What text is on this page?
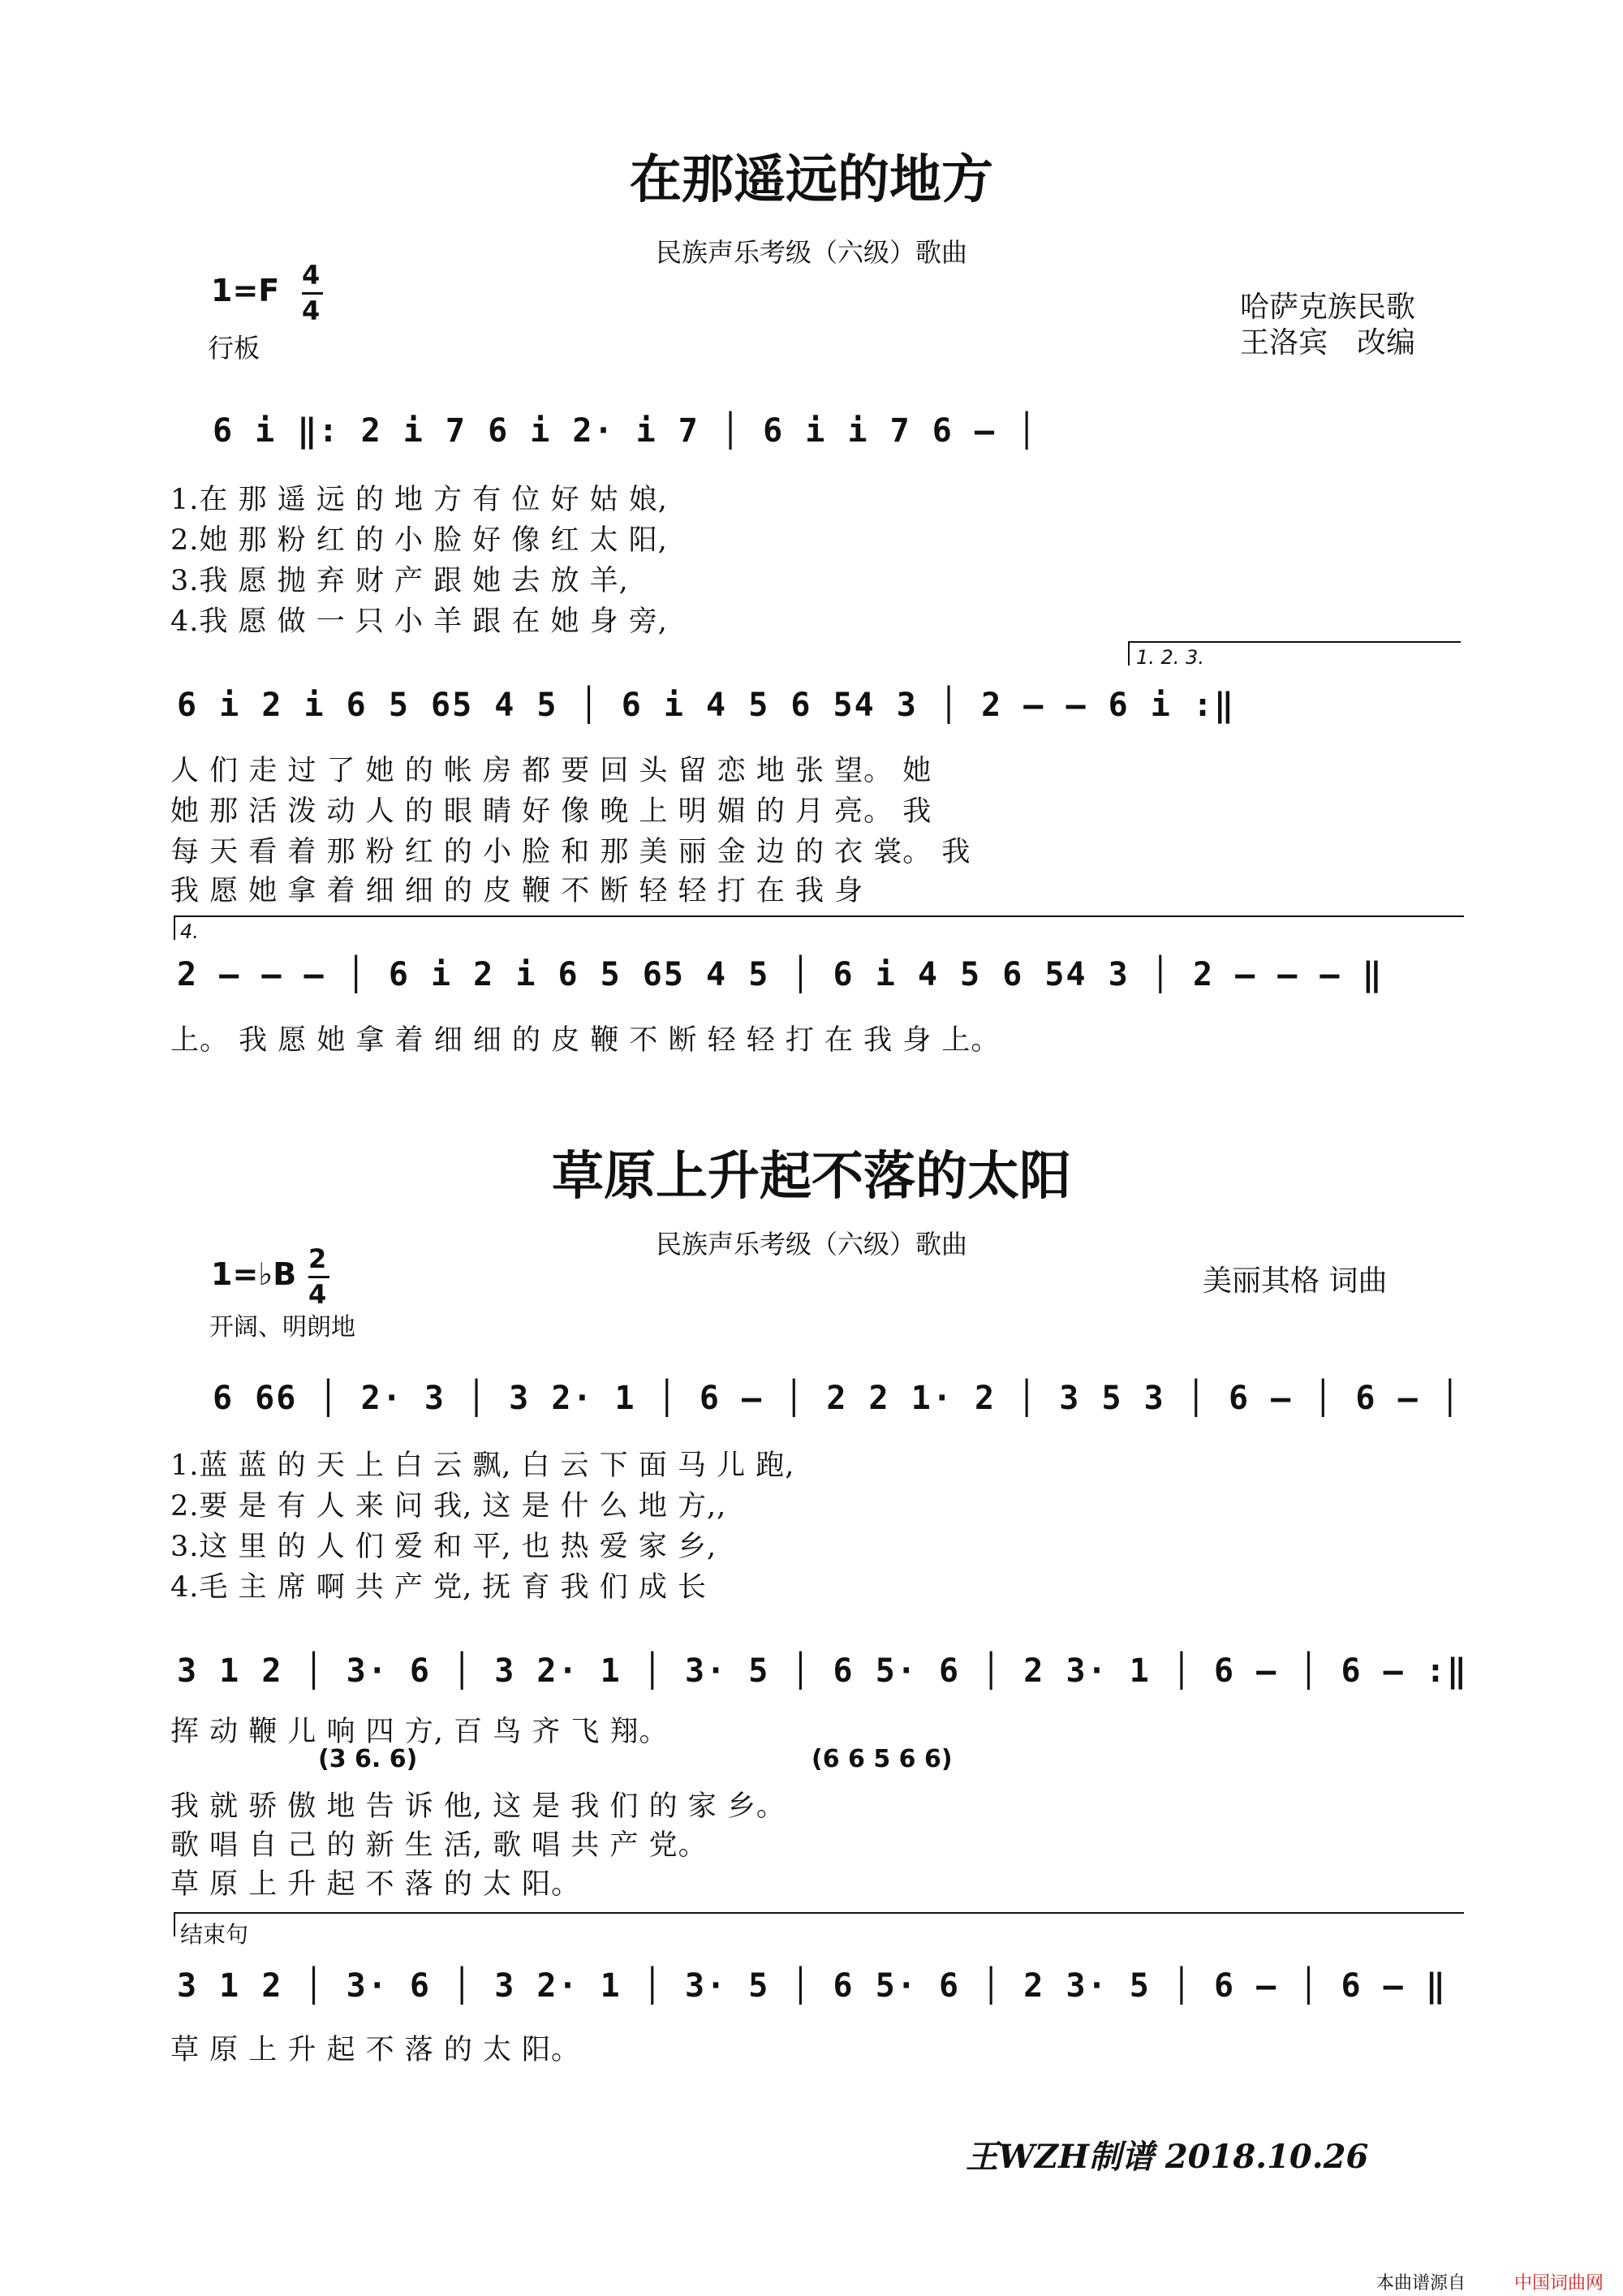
在那遥远的地方
民族声乐考级（六级）歌曲
1=F 4
4
行板
哈萨克族民歌
王洛宾　改编
6 i ‖: 2 i 7 6 i 2· i 7 │ 6 i i 7 6 – │
1.在 那 遥 远 的 地 方 有 位 好 姑 娘,
2.她 那 粉 红 的 小 脸 好 像 红 太 阳,
3.我 愿 抛 弃 财 产 跟 她 去 放 羊,
4.我 愿 做 一 只 小 羊 跟 在 她 身 旁,
1. 2. 3.
6 i 2 i 6 5 65 4 5 │ 6 i 4 5 6 54 3 │ 2 – – 6 i :‖
人 们 走 过 了 她 的 帐 房 都 要 回 头 留 恋 地 张 望。 她
她 那 活 泼 动 人 的 眼 睛 好 像 晚 上 明 媚 的 月 亮。 我
每 天 看 着 那 粉 红 的 小 脸 和 那 美 丽 金 边 的 衣 裳。 我
我 愿 她 拿 着 细 细 的 皮 鞭 不 断 轻 轻 打 在 我 身
4.
2 – – – │ 6 i 2 i 6 5 65 4 5 │ 6 i 4 5 6 54 3 │ 2 – – – ‖
上。 我 愿 她 拿 着 细 细 的 皮 鞭 不 断 轻 轻 打 在 我 身 上。
草原上升起不落的太阳
民族声乐考级（六级）歌曲
1=♭B 2
4
开阔、明朗地
美丽其格 词曲
6 66 │ 2· 3 │ 3 2· 1 │ 6 – │ 2 2 1· 2 │ 3 5 3 │ 6 – │ 6 – │
1.蓝 蓝 的 天 上 白 云 飘, 白 云 下 面 马 儿 跑,
2.要 是 有 人 来 问 我, 这 是 什 么 地 方,,
3.这 里 的 人 们 爱 和 平, 也 热 爱 家 乡,
4.毛 主 席 啊 共 产 党, 抚 育 我 们 成 长
3 1 2 │ 3· 6 │ 3 2· 1 │ 3· 5 │ 6 5· 6 │ 2 3· 1 │ 6 – │ 6 – :‖
挥 动 鞭 儿 响 四 方, 百 鸟 齐 飞 翔。
(3 6. 6)	(6 6 5 6 6)
我 就 骄 傲 地 告 诉 他, 这 是 我 们 的 家 乡。
歌 唱 自 己 的 新 生 活, 歌 唱 共 产 党。
草 原 上 升 起 不 落 的 太 阳。
结束句
3 1 2 │ 3· 6 │ 3 2· 1 │ 3· 5 │ 6 5· 6 │ 2 3· 5 │ 6 – │ 6 – ‖
草 原 上 升 起 不 落 的 太 阳。
王WZH制谱 2018.10.26
本曲谱源自	中国词曲网
